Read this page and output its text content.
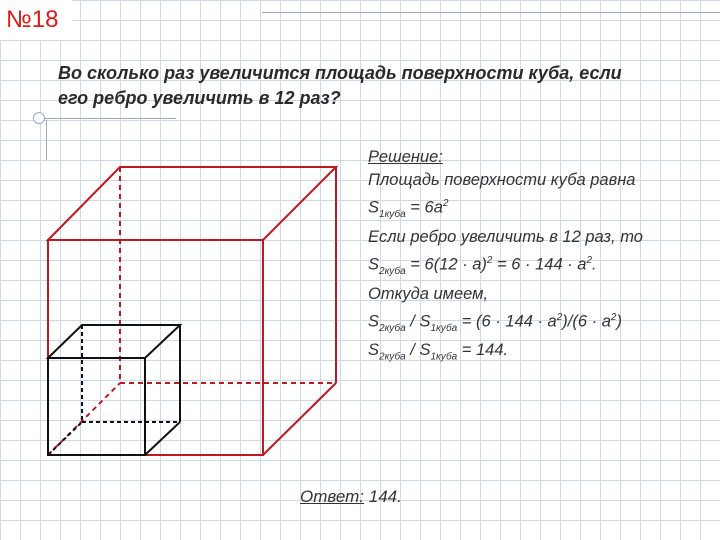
№18
Во сколько раз увеличится площадь поверхности куба, если
его ребро увеличить в 12 раз?
Решение:
Площадь поверхности куба равна
$S_{1куба} = 6a^2$
Если ребро увеличить в 12 раз, то
$S_{2куба} = 6(12 \cdot a)^2 = 6 \cdot 144 \cdot a^2$.
Откуда имеем,
$S_{2куба} / S_{1куба} = (6 \cdot 144 \cdot a^2)/(6 \cdot a^2)$
$S_{2куба} / S_{1куба} = 144$.
Ответ: 144.
